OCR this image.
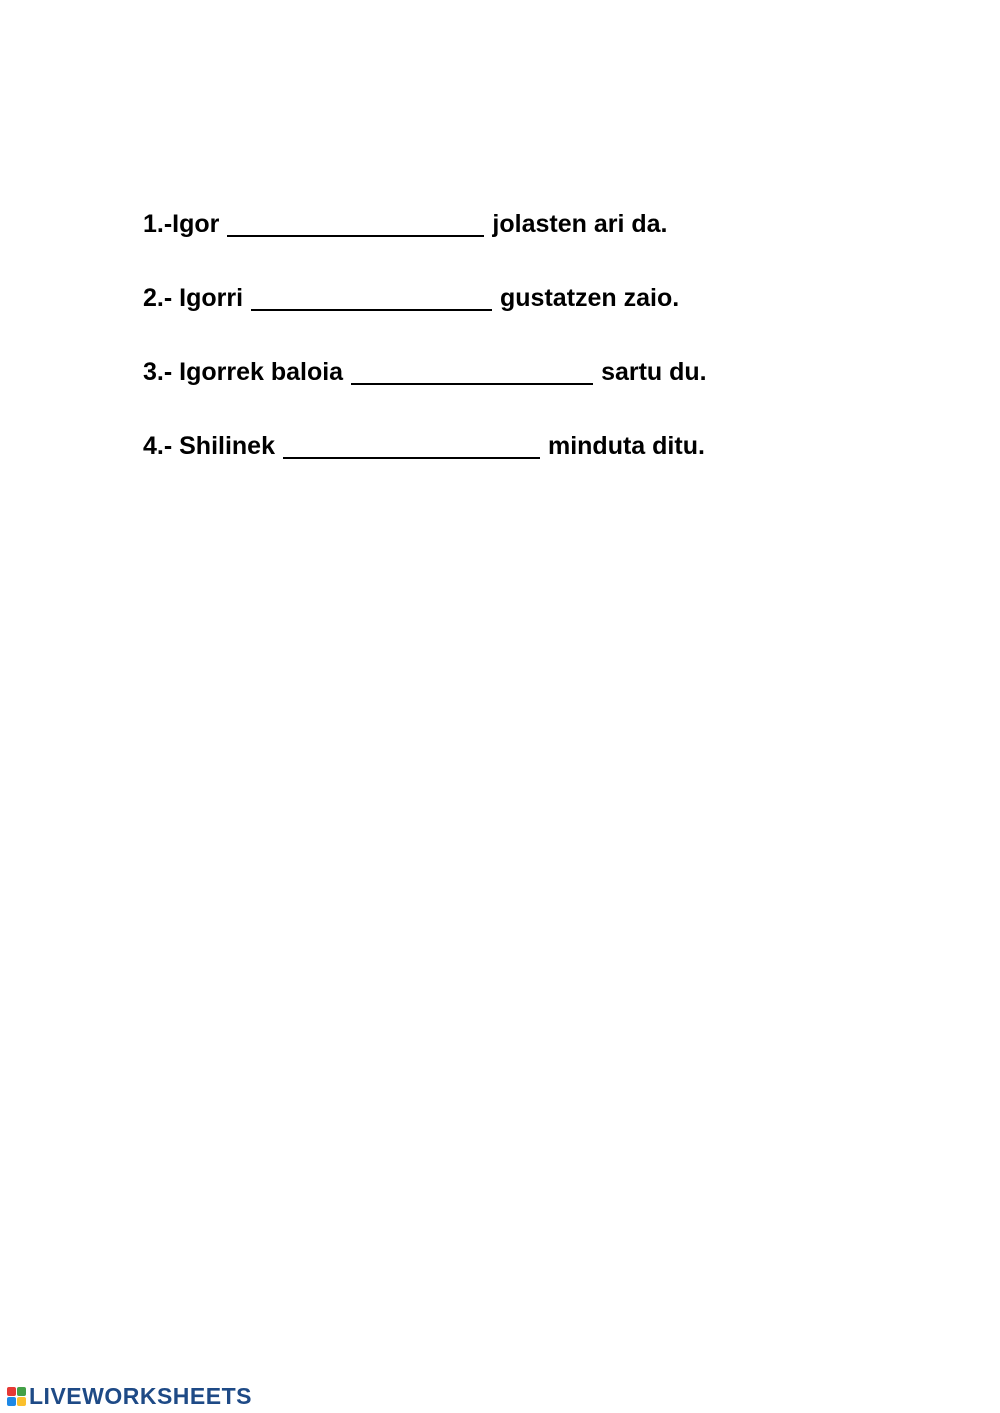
1.-Igor	jolasten ari da.
2.- Igorri	gustatzen zaio.
3.- Igorrek baloia	sartu du.
4.- Shilinek	minduta ditu.
LIVEWORKSHEETS
